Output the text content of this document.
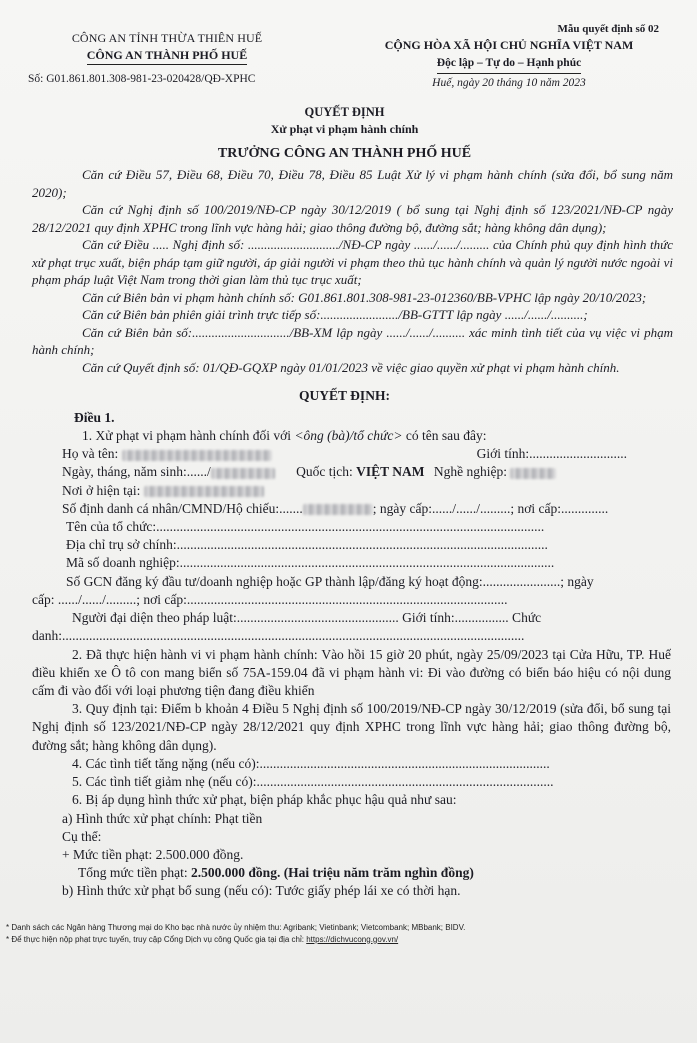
CÔNG AN TỈNH THỪA THIÊN HUẾ
CÔNG AN THÀNH PHỐ HUẾ
Số: G01.861.801.308-981-23-020428/QĐ-XPHC
Mẫu quyết định số 02
CỘNG HÒA XÃ HỘI CHỦ NGHĨA VIỆT NAM
Độc lập – Tự do – Hạnh phúc
Huế, ngày 20 tháng 10 năm 2023
QUYẾT ĐỊNH
Xử phạt vi phạm hành chính
TRƯỞNG CÔNG AN THÀNH PHỐ HUẾ
Căn cứ Điều 57, Điều 68, Điều 70, Điều 78, Điều 85 Luật Xử lý vi phạm hành chính (sửa đổi, bổ sung năm 2020);
Căn cứ Nghị định số 100/2019/NĐ-CP ngày 30/12/2019 ( bổ sung tại Nghị định số 123/2021/NĐ-CP ngày 28/12/2021 quy định XPHC trong lĩnh vực hàng hải; giao thông đường bộ, đường sắt; hàng không dân dụng);
Căn cứ Điều ..... Nghị định số: ............................/NĐ-CP ngày ....../....../......... của Chính phủ quy định hình thức xử phạt trục xuất, biện pháp tạm giữ người, áp giải người vi phạm theo thủ tục hành chính và quản lý người nước ngoài vi phạm pháp luật Việt Nam trong thời gian làm thủ tục trục xuất;
Căn cứ Biên bản vi phạm hành chính số: G01.861.801.308-981-23-012360/BB-VPHC lập ngày 20/10/2023;
Căn cứ Biên bản phiên giải trình trực tiếp số:......................../BB-GTTT lập ngày ....../....../..........;
Căn cứ Biên bản số:............................../BB-XM lập ngày ....../....../.......... xác minh tình tiết của vụ việc vi phạm hành chính;
Căn cứ Quyết định số: 01/QĐ-GQXP ngày 01/01/2023 về việc giao quyền xử phạt vi phạm hành chính.
QUYẾT ĐỊNH:
Điều 1.
1. Xử phạt vi phạm hành chính đối với <ông (bà)/tổ chức> có tên sau đây:
Họ và tên:	Giới tính:.............................
Ngày, tháng, năm sinh:....../	Quốc tịch: VIỆT NAM Nghề nghiệp:
Nơi ở hiện tại:
Số định danh cá nhân/CMND/Hộ chiếu:.......	; ngày cấp:....../....../.........; nơi cấp:..............
Tên của tổ chức:...................................................................................................................
Địa chỉ trụ sở chính:..............................................................................................................
Mã số doanh nghiệp:...............................................................................................................
Số GCN đăng ký đầu tư/doanh nghiệp hoặc GP thành lập/đăng ký hoạt động:.......................; ngày
cấp: ....../....../.........; nơi cấp:...............................................................................................
Người đại diện theo pháp luật:................................................ Giới tính:................ Chức
danh:.........................................................................................................................................
2. Đã thực hiện hành vi vi phạm hành chính: Vào hồi 15 giờ 20 phút, ngày 25/09/2023 tại Cửa Hữu, TP. Huế điều khiển xe Ô tô con mang biển số 75A-159.04 đã vi phạm hành vi: Đi vào đường có biển báo hiệu có nội dung cấm đi vào đối với loại phương tiện đang điều khiển
3. Quy định tại: Điểm b khoản 4 Điều 5 Nghị định số 100/2019/NĐ-CP ngày 30/12/2019 (sửa đổi, bổ sung tại Nghị định số 123/2021/NĐ-CP ngày 28/12/2021 quy định XPHC trong lĩnh vực hàng hải; giao thông đường bộ, đường sắt; hàng không dân dụng).
4. Các tình tiết tăng nặng (nếu có):......................................................................................
5. Các tình tiết giảm nhẹ (nếu có):........................................................................................
6. Bị áp dụng hình thức xử phạt, biện pháp khắc phục hậu quả như sau:
a) Hình thức xử phạt chính: Phạt tiền
Cụ thể:
+ Mức tiền phạt: 2.500.000 đồng.
Tổng mức tiền phạt: 2.500.000 đồng. (Hai triệu năm trăm nghìn đồng)
b) Hình thức xử phạt bổ sung (nếu có): Tước giấy phép lái xe có thời hạn.
* Danh sách các Ngân hàng Thương mại do Kho bạc nhà nước ủy nhiệm thu: Agribank; Vietinbank; Vietcombank; MBbank; BIDV.
* Để thực hiện nộp phạt trực tuyến, truy cập Cổng Dịch vụ công Quốc gia tại địa chỉ: https://dichvucong.gov.vn/
